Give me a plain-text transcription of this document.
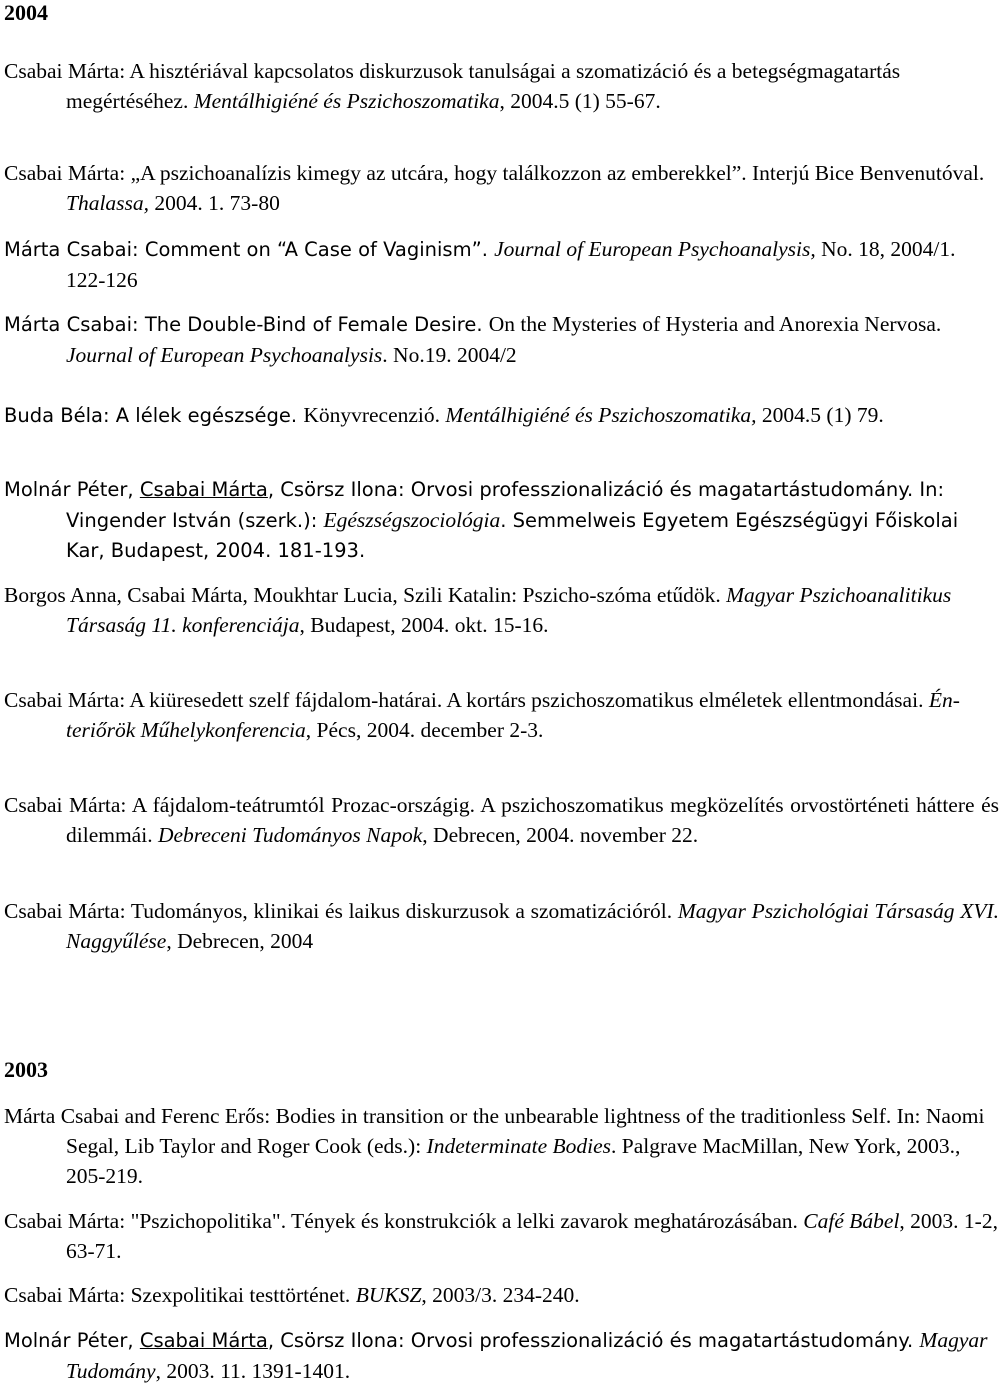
2004
Csabai Márta: A hisztériával kapcsolatos diskurzusok tanulságai a szomatizáció és a betegségmagatartás megértéséhez. Mentálhigiéné és Pszichoszomatika, 2004.5 (1) 55-67.
Csabai Márta: „A pszichoanalízis kimegy az utcára, hogy találkozzon az emberekkel”. Interjú Bice Benvenutóval. Thalassa, 2004. 1. 73-80
Márta Csabai: Comment on “A Case of Vaginism”. Journal of European Psychoanalysis, No. 18, 2004/1. 122-126
Márta Csabai: The Double-Bind of Female Desire. On the Mysteries of Hysteria and Anorexia Nervosa. Journal of European Psychoanalysis. No.19. 2004/2
Buda Béla: A lélek egészsége. Könyvrecenzió. Mentálhigiéné és Pszichoszomatika, 2004.5 (1) 79.
Molnár Péter, Csabai Márta, Csörsz Ilona: Orvosi professzionalizáció és magatartástudomány. In: Vingender István (szerk.): Egészségszociológia. Semmelweis Egyetem Egészségügyi Főiskolai Kar, Budapest, 2004. 181-193.
Borgos Anna, Csabai Márta, Moukhtar Lucia, Szili Katalin: Pszicho-szóma etűdök. Magyar Pszichoanalitikus Társaság 11. konferenciája, Budapest, 2004. okt. 15-16.
Csabai Márta: A kiüresedett szelf fájdalom-határai. A kortárs pszichoszomatikus elméletek ellentmondásai. Én-teriőrök Műhelykonferencia, Pécs, 2004. december 2-3.
Csabai Márta: A fájdalom-teátrumtól Prozac-országig. A pszichoszomatikus megközelítés orvostörténeti háttere és dilemmái. Debreceni Tudományos Napok, Debrecen, 2004. november 22.
Csabai Márta: Tudományos, klinikai és laikus diskurzusok a szomatizációról. Magyar Pszichológiai Társaság XVI. Naggyűlése, Debrecen, 2004
2003
Márta Csabai and Ferenc Erős: Bodies in transition or the unbearable lightness of the traditionless Self. In: Naomi Segal, Lib Taylor and Roger Cook (eds.): Indeterminate Bodies. Palgrave MacMillan, New York, 2003., 205-219.
Csabai Márta: "Pszichopolitika". Tények és konstrukciók a lelki zavarok meghatározásában. Café Bábel, 2003. 1-2, 63-71.
Csabai Márta: Szexpolitikai testtörténet. BUKSZ, 2003/3. 234-240.
Molnár Péter, Csabai Márta, Csörsz Ilona: Orvosi professzionalizáció és magatartástudomány. Magyar Tudomány, 2003. 11. 1391-1401.
